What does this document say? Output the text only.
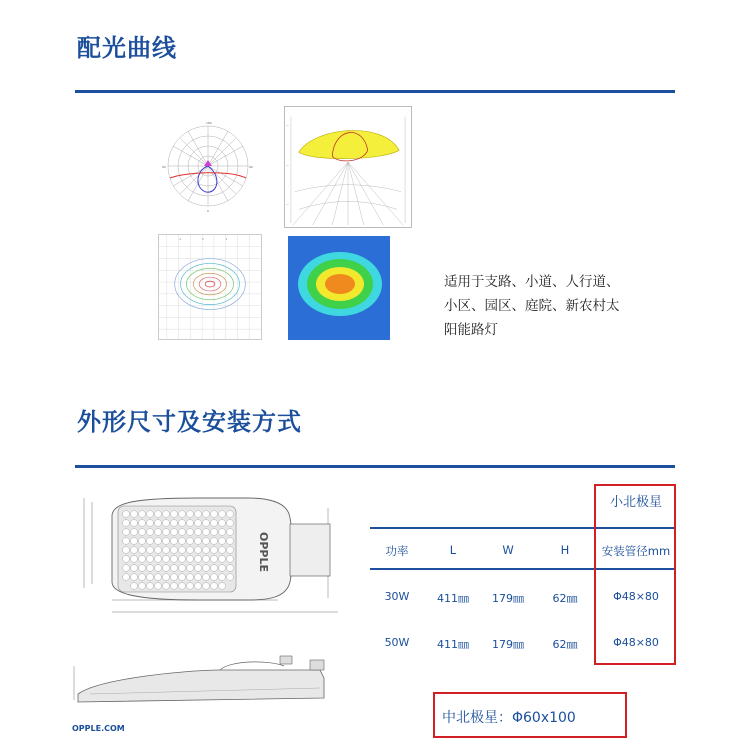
配光曲线
90	90
180
0
—
—
—
-4	0	4
适用于支路、小道、人行道、
小区、园区、庭院、新农村太
阳能路灯
外形尺寸及安装方式
OPPLE
OPPLE.COM
功率	L	W	H	安装管径mm
30W	411㎜	179㎜	62㎜	Φ48×80
50W	411㎜	179㎜	62㎜	Φ48×80
小北极星
中北极星：Φ60x100
